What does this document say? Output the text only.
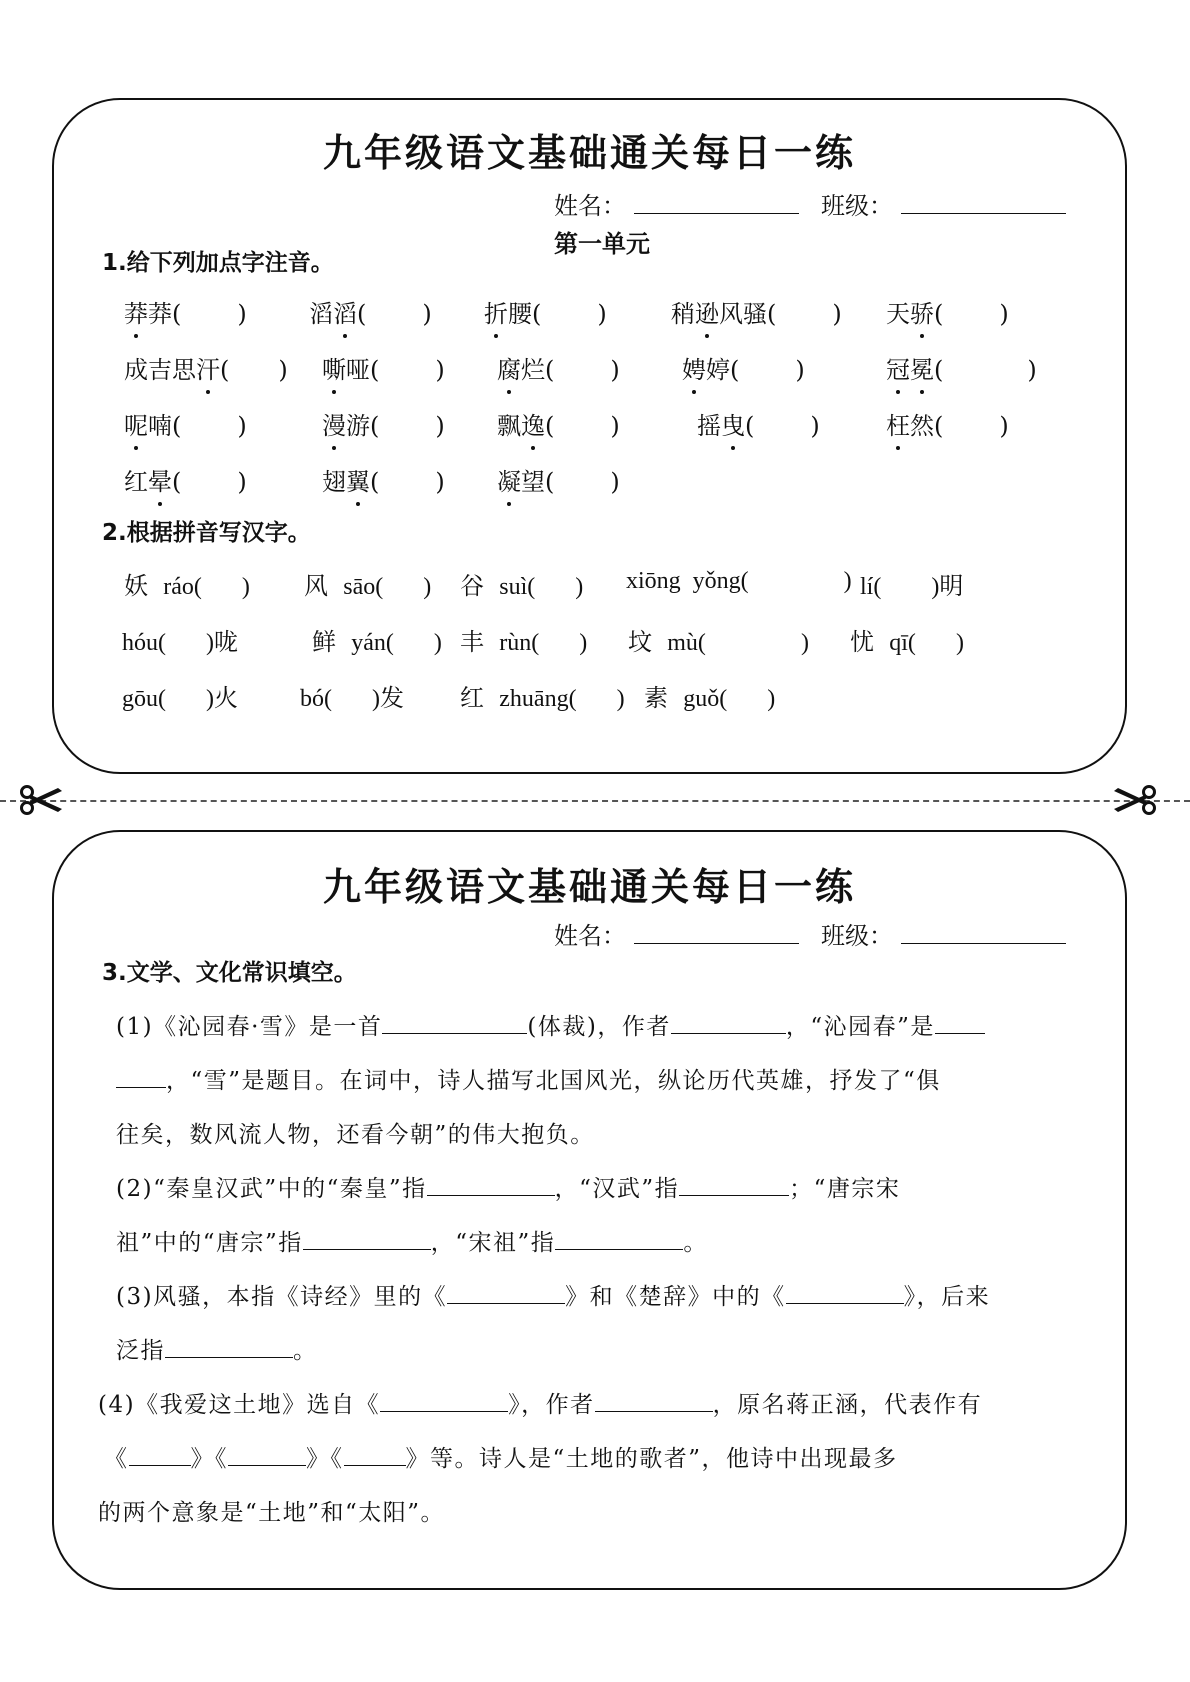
九年级语文基础通关每日一练
姓名：	班级：
第一单元
1.给下列加点字注音。
莽莽( )	滔滔( ) 折腰( )	稍逊风骚( ) 天骄( )
成吉思汗( ) 嘶哑( ) 腐烂( )	娉婷( )	冠冕(	)
呢喃( )	漫游( ) 飘逸( )	摇曳( )	枉然( )
红晕( )	翅翼( ) 凝望( )
2.根据拼音写汉字。
妖  ráo( ) 风  sāo( ) 谷  suì( ) xiōng  yǒng(	) lí( )明
hóu( )咙	鲜  yán( ) 丰  rùn( ) 坟  mù(	) 忧  qī( )
gōu( )火	bó( )发 红  zhuāng( ) 素  guǒ( )
九年级语文基础通关每日一练
姓名：	班级：
3.文学、文化常识填空。
(1)《沁园春·雪》是一首	(体裁)，作者	，“沁园春”是
，“雪”是题目。在词中，诗人描写北国风光，纵论历代英雄，抒发了“俱
往矣，数风流人物，还看今朝”的伟大抱负。
(2)“秦皇汉武”中的“秦皇”指	，“汉武”指	；“唐宗宋
祖”中的“唐宗”指	，“宋祖”指	。
(3)风骚，本指《诗经》里的《	》和《楚辞》中的《	》，后来
泛指	。
(4)《我爱这土地》选自《	》，作者	，原名蒋正涵，代表作有
《	》《	》《	》等。诗人是“土地的歌者”，他诗中出现最多
的两个意象是“土地”和“太阳”。
